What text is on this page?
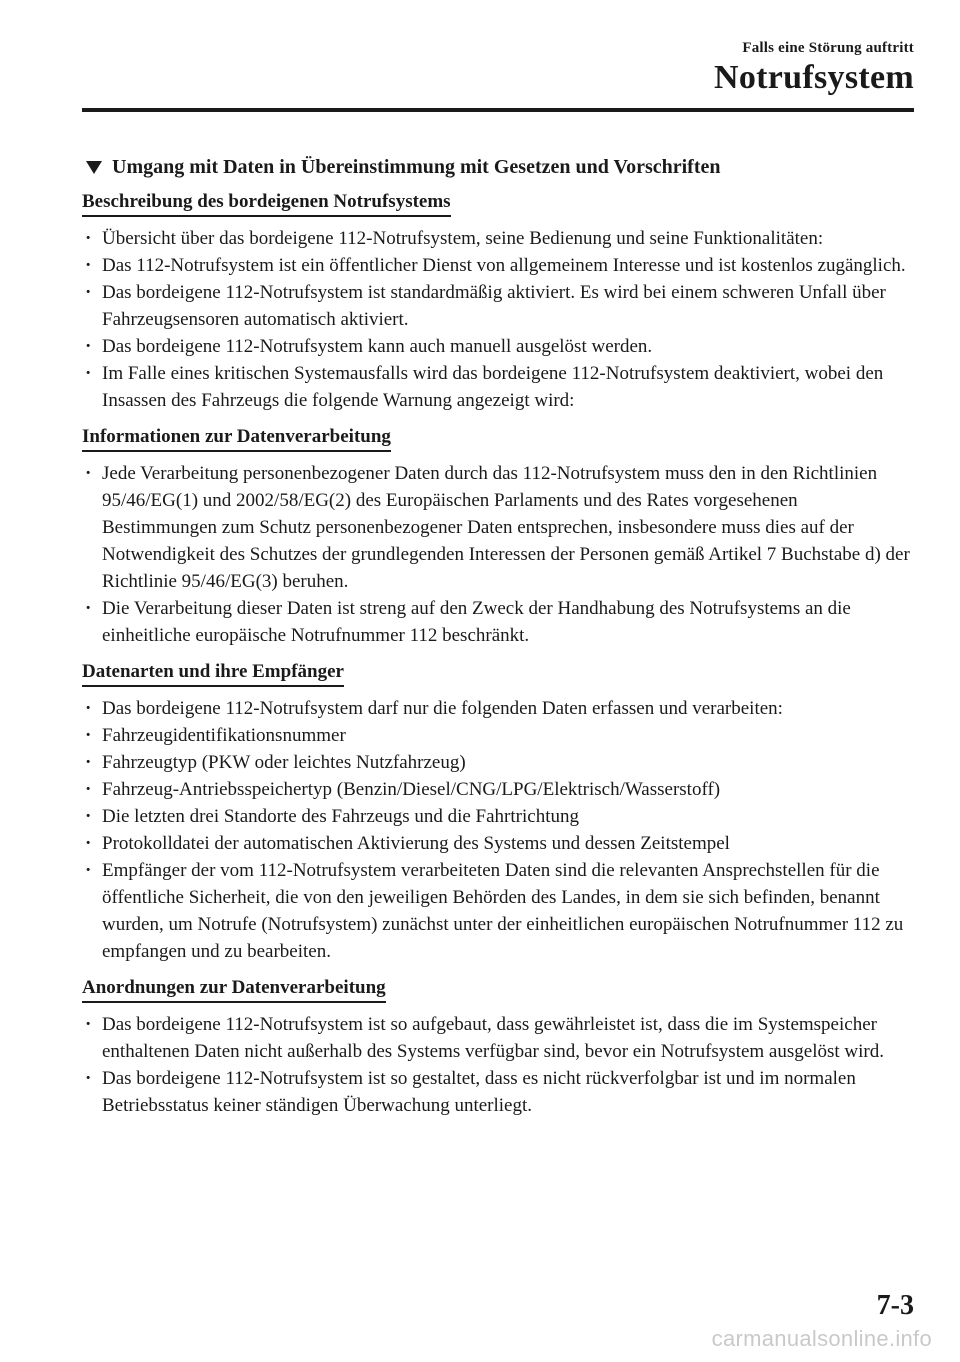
Falls eine Störung auftritt
Notrufsystem
Umgang mit Daten in Übereinstimmung mit Gesetzen und Vorschriften
Beschreibung des bordeigenen Notrufsystems
· Übersicht über das bordeigene 112-Notrufsystem, seine Bedienung und seine Funktionalitäten:
· Das 112-Notrufsystem ist ein öffentlicher Dienst von allgemeinem Interesse und ist kostenlos zugänglich.
· Das bordeigene 112-Notrufsystem ist standardmäßig aktiviert. Es wird bei einem schweren Unfall über Fahrzeugsensoren automatisch aktiviert.
· Das bordeigene 112-Notrufsystem kann auch manuell ausgelöst werden.
· Im Falle eines kritischen Systemausfalls wird das bordeigene 112-Notrufsystem deaktiviert, wobei den Insassen des Fahrzeugs die folgende Warnung angezeigt wird:
Informationen zur Datenverarbeitung
· Jede Verarbeitung personenbezogener Daten durch das 112-Notrufsystem muss den in den Richtlinien 95/46/EG(1) und 2002/58/EG(2) des Europäischen Parlaments und des Rates vorgesehenen Bestimmungen zum Schutz personenbezogener Daten entsprechen, insbesondere muss dies auf der Notwendigkeit des Schutzes der grundlegenden Interessen der Personen gemäß Artikel 7 Buchstabe d) der Richtlinie 95/46/EG(3) beruhen.
· Die Verarbeitung dieser Daten ist streng auf den Zweck der Handhabung des Notrufsystems an die einheitliche europäische Notrufnummer 112 beschränkt.
Datenarten und ihre Empfänger
· Das bordeigene 112-Notrufsystem darf nur die folgenden Daten erfassen und verarbeiten:
· Fahrzeugidentifikationsnummer
· Fahrzeugtyp (PKW oder leichtes Nutzfahrzeug)
· Fahrzeug-Antriebsspeichertyp (Benzin/Diesel/CNG/LPG/Elektrisch/Wasserstoff)
· Die letzten drei Standorte des Fahrzeugs und die Fahrtrichtung
· Protokolldatei der automatischen Aktivierung des Systems und dessen Zeitstempel
· Empfänger der vom 112-Notrufsystem verarbeiteten Daten sind die relevanten Ansprechstellen für die öffentliche Sicherheit, die von den jeweiligen Behörden des Landes, in dem sie sich befinden, benannt wurden, um Notrufe (Notrufsystem) zunächst unter der einheitlichen europäischen Notrufnummer 112 zu empfangen und zu bearbeiten.
Anordnungen zur Datenverarbeitung
· Das bordeigene 112-Notrufsystem ist so aufgebaut, dass gewährleistet ist, dass die im Systemspeicher enthaltenen Daten nicht außerhalb des Systems verfügbar sind, bevor ein Notrufsystem ausgelöst wird.
· Das bordeigene 112-Notrufsystem ist so gestaltet, dass es nicht rückverfolgbar ist und im normalen Betriebsstatus keiner ständigen Überwachung unterliegt.
7-3
carmanualsonline.info
